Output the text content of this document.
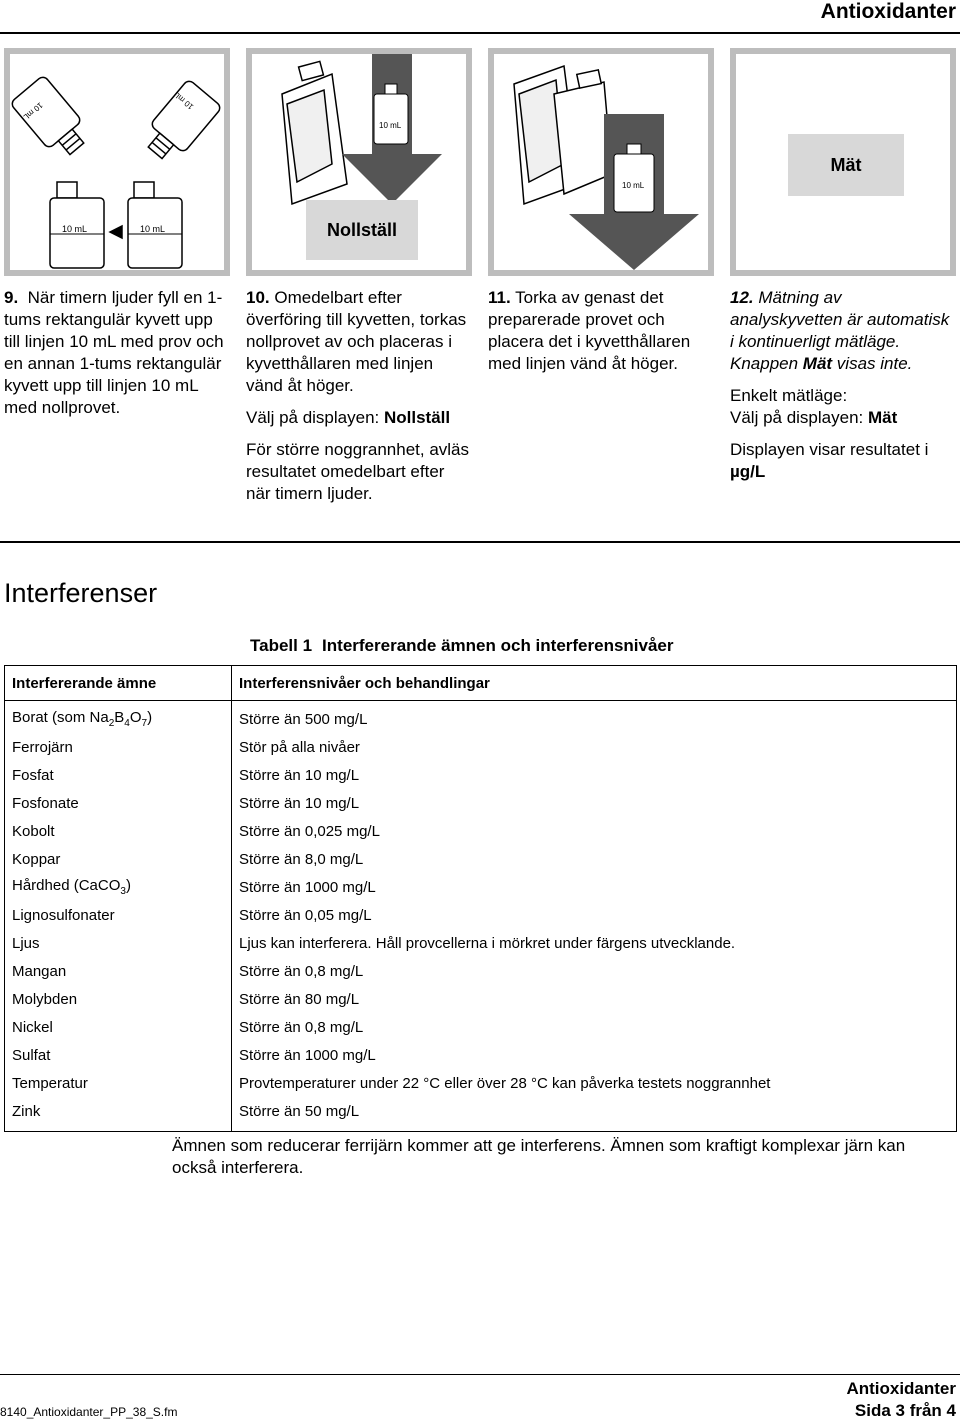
Antioxidanter
10 mL	10 mL
10 mL	10 mL
10 mL
Nollställ
10 mL
Mät

9. När timern ljuder fyll en 1-tums rektangulär kyvett upp till linjen 10 mL med prov och en annan 1-tums rektangulär kyvett upp till linjen 10 mL med nollprovet.

10. Omedelbart efter överföring till kyvetten, torkas nollprovet av och placeras i kyvetthållaren med linjen vänd åt höger.

Välj på displayen: Nollställ

För större noggrannhet, avläs resultatet omedelbart efter när timern ljuder.

11. Torka av genast det preparerade provet och placera det i kyvetthållaren med linjen vänd åt höger.

12. Mätning av analyskyvetten är automatisk i kontinuerligt mätläge. Knappen Mät visas inte.

Enkelt mätläge:
Välj på displayen: Mät

Displayen visar resultatet i
µg/L

Interferenser
Tabell 1 Interfererande ämnen och interferensnivåer
Interfererande ämne	Interferensnivåer och behandlingar
Borat (som $Na_2B_4O_7$)	Större än 500 mg/L
Ferrojärn	Stör på alla nivåer
Fosfat	Större än 10 mg/L
Fosfonate	Större än 10 mg/L
Kobolt	Större än 0,025 mg/L
Koppar	Större än 8,0 mg/L
Hårdhed (CaCO$_3$)	Större än 1000 mg/L
Lignosulfonater	Större än 0,05 mg/L
Ljus	Ljus kan interferera. Håll provcellerna i mörkret under färgens utvecklande.
Mangan	Större än 0,8 mg/L
Molybden	Större än 80 mg/L
Nickel	Större än 0,8 mg/L
Sulfat	Större än 1000 mg/L
Temperatur	Provtemperaturer under 22 °C eller över 28 °C kan påverka testets noggrannhet
Zink	Större än 50 mg/L
Ämnen som reducerar ferrijärn kommer att ge interferens. Ämnen som kraftigt komplexar järn kan också interferera.
8140_Antioxidanter_PP_38_S.fm
Antioxidanter
Sida 3 från 4
